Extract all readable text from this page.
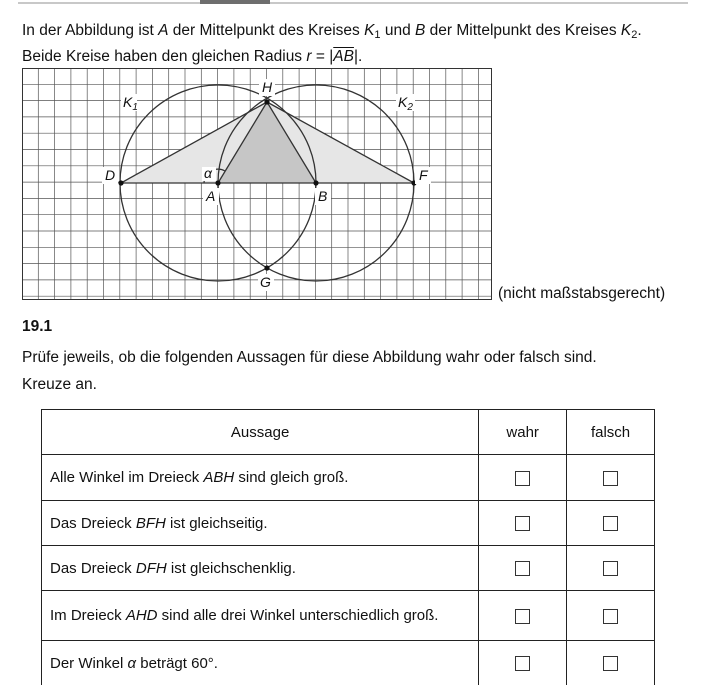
In der Abbildung ist A der Mittelpunkt des Kreises $K_1$ und B der Mittelpunkt des Kreises $K_2$.
Beide Kreise haben den gleichen Radius $r = |\overline{AB}|$.
$K_1$	$K_2$
H
D	F
A	B
G
α
(nicht maßstabsgerecht)
19.1
Prüfe jeweils, ob die folgenden Aussagen für diese Abbildung wahr oder falsch sind.
Kreuze an.
Aussage	wahr	falsch
Alle Winkel im Dreieck ABH sind gleich groß.		
Das Dreieck BFH ist gleichseitig.		
Das Dreieck DFH ist gleichschenklig.		
Im Dreieck AHD sind alle drei Winkel unterschiedlich groß.		
Der Winkel α beträgt 60°.		
